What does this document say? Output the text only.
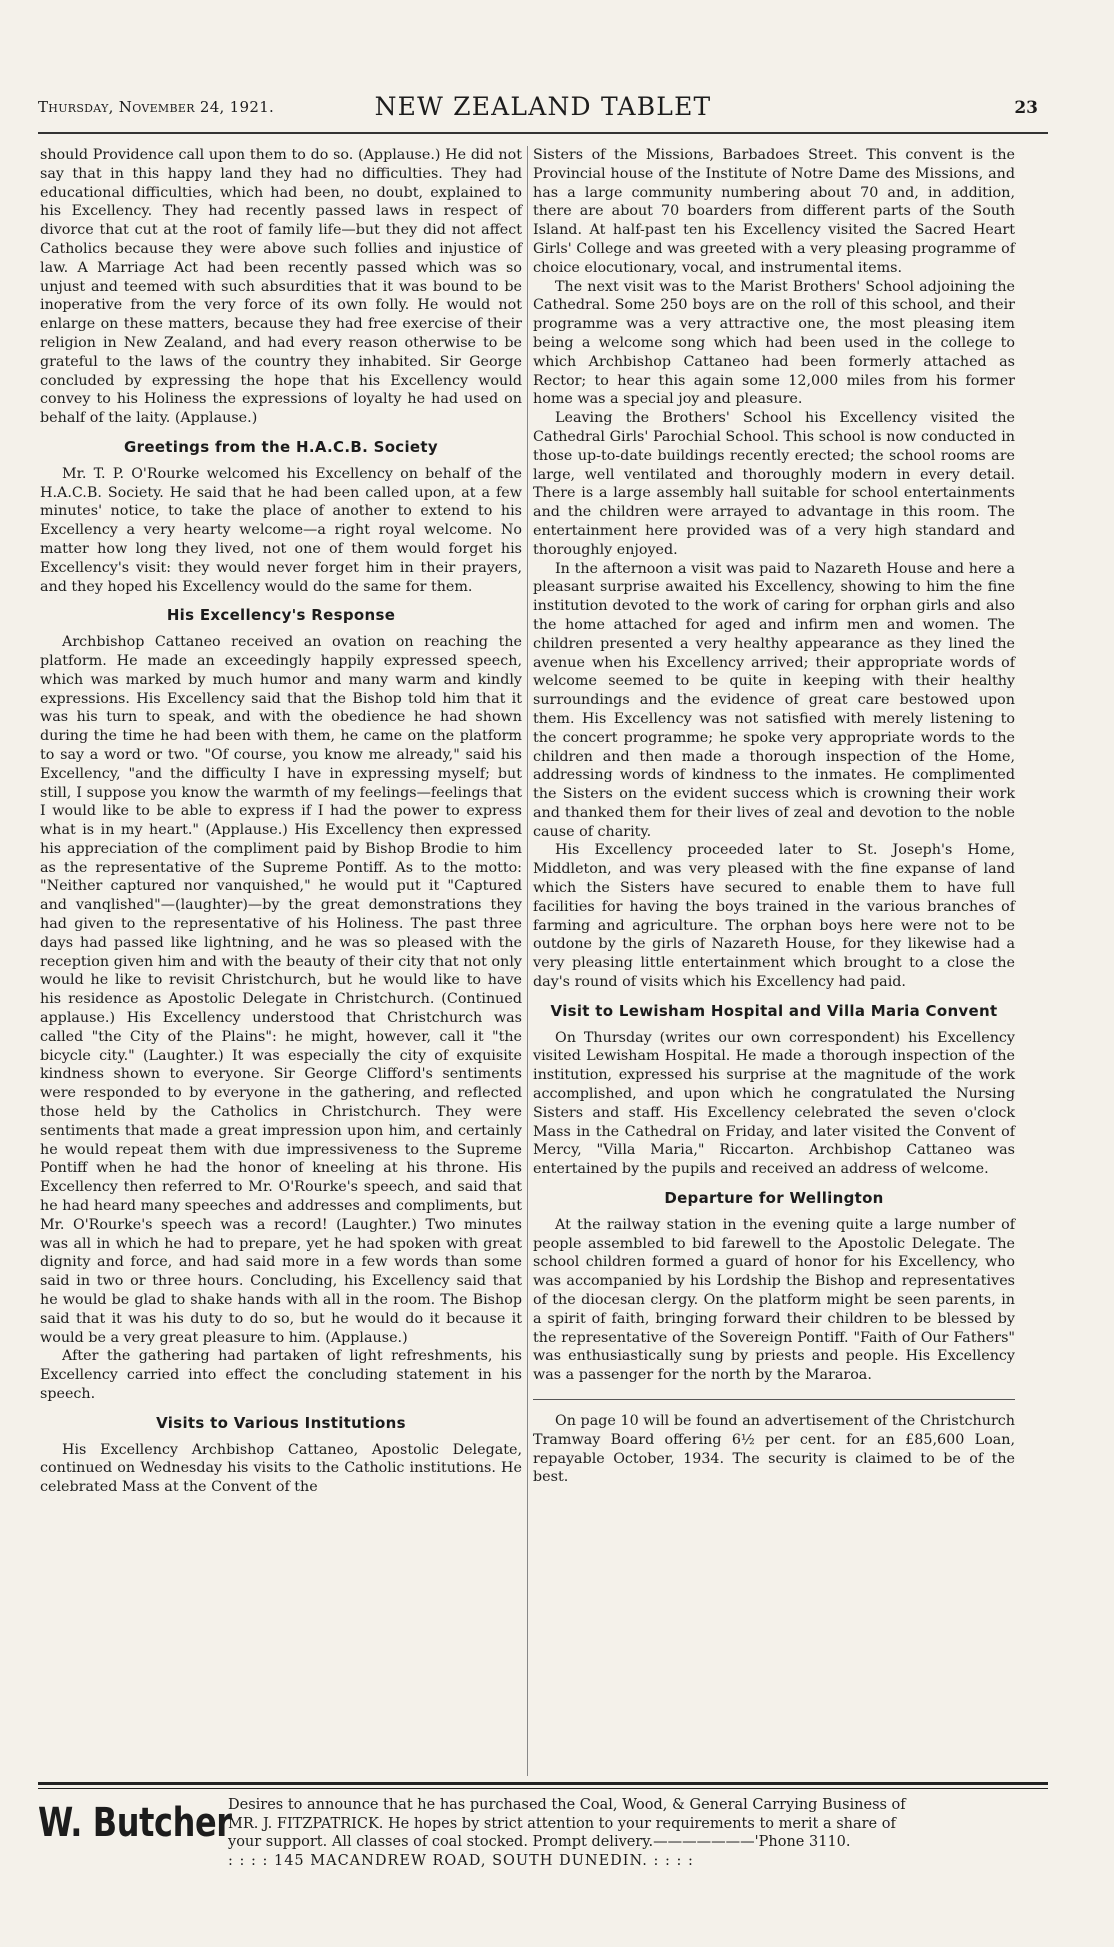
Thursday, November 24, 1921.	NEW ZEALAND TABLET	23

should Providence call upon them to do so. (Applause.) He did not say that in this happy land they had no difficulties. They had educational difficulties, which had been, no doubt, explained to his Excellency. They had recently passed laws in respect of divorce that cut at the root of family life—but they did not affect Catholics because they were above such follies and injustice of law. A Marriage Act had been recently passed which was so unjust and teemed with such absurdities that it was bound to be inoperative from the very force of its own folly. He would not enlarge on these matters, because they had free exercise of their religion in New Zealand, and had every reason otherwise to be grateful to the laws of the country they inhabited. Sir George concluded by expressing the hope that his Excellency would convey to his Holiness the expressions of loyalty he had used on behalf of the laity. (Applause.)

Greetings from the H.A.C.B. Society

Mr. T. P. O'Rourke welcomed his Excellency on behalf of the H.A.C.B. Society. He said that he had been called upon, at a few minutes' notice, to take the place of another to extend to his Excellency a very hearty welcome—a right royal welcome. No matter how long they lived, not one of them would forget his Excellency's visit: they would never forget him in their prayers, and they hoped his Excellency would do the same for them.

His Excellency's Response

Archbishop Cattaneo received an ovation on reaching the platform. He made an exceedingly happily expressed speech, which was marked by much humor and many warm and kindly expressions. His Excellency said that the Bishop told him that it was his turn to speak, and with the obedience he had shown during the time he had been with them, he came on the platform to say a word or two. "Of course, you know me already," said his Excellency, "and the difficulty I have in expressing myself; but still, I suppose you know the warmth of my feelings—feelings that I would like to be able to express if I had the power to express what is in my heart." (Applause.) His Excellency then expressed his appreciation of the compliment paid by Bishop Brodie to him as the representative of the Supreme Pontiff. As to the motto: "Neither captured nor vanquished," he would put it "Captured and vanqlished"—(laughter)—by the great demonstrations they had given to the representative of his Holiness. The past three days had passed like lightning, and he was so pleased with the reception given him and with the beauty of their city that not only would he like to revisit Christchurch, but he would like to have his residence as Apostolic Delegate in Christchurch. (Continued applause.) His Excellency understood that Christchurch was called "the City of the Plains": he might, however, call it "the bicycle city." (Laughter.) It was especially the city of exquisite kindness shown to everyone. Sir George Clifford's sentiments were responded to by everyone in the gathering, and reflected those held by the Catholics in Christchurch. They were sentiments that made a great impression upon him, and certainly he would repeat them with due impressiveness to the Supreme Pontiff when he had the honor of kneeling at his throne. His Excellency then referred to Mr. O'Rourke's speech, and said that he had heard many speeches and addresses and compliments, but Mr. O'Rourke's speech was a record! (Laughter.) Two minutes was all in which he had to prepare, yet he had spoken with great dignity and force, and had said more in a few words than some said in two or three hours. Concluding, his Excellency said that he would be glad to shake hands with all in the room. The Bishop said that it was his duty to do so, but he would do it because it would be a very great pleasure to him. (Applause.)

After the gathering had partaken of light refreshments, his Excellency carried into effect the concluding statement in his speech.

Visits to Various Institutions

His Excellency Archbishop Cattaneo, Apostolic Delegate, continued on Wednesday his visits to the Catholic institutions. He celebrated Mass at the Convent of the

Sisters of the Missions, Barbadoes Street. This convent is the Provincial house of the Institute of Notre Dame des Missions, and has a large community numbering about 70 and, in addition, there are about 70 boarders from different parts of the South Island. At half-past ten his Excellency visited the Sacred Heart Girls' College and was greeted with a very pleasing programme of choice elocutionary, vocal, and instrumental items.

The next visit was to the Marist Brothers' School adjoining the Cathedral. Some 250 boys are on the roll of this school, and their programme was a very attractive one, the most pleasing item being a welcome song which had been used in the college to which Archbishop Cattaneo had been formerly attached as Rector; to hear this again some 12,000 miles from his former home was a special joy and pleasure.

Leaving the Brothers' School his Excellency visited the Cathedral Girls' Parochial School. This school is now conducted in those up-to-date buildings recently erected; the school rooms are large, well ventilated and thoroughly modern in every detail. There is a large assembly hall suitable for school entertainments and the children were arrayed to advantage in this room. The entertainment here provided was of a very high standard and thoroughly enjoyed.

In the afternoon a visit was paid to Nazareth House and here a pleasant surprise awaited his Excellency, showing to him the fine institution devoted to the work of caring for orphan girls and also the home attached for aged and infirm men and women. The children presented a very healthy appearance as they lined the avenue when his Excellency arrived; their appropriate words of welcome seemed to be quite in keeping with their healthy surroundings and the evidence of great care bestowed upon them. His Excellency was not satisfied with merely listening to the concert programme; he spoke very appropriate words to the children and then made a thorough inspection of the Home, addressing words of kindness to the inmates. He complimented the Sisters on the evident success which is crowning their work and thanked them for their lives of zeal and devotion to the noble cause of charity.

His Excellency proceeded later to St. Joseph's Home, Middleton, and was very pleased with the fine expanse of land which the Sisters have secured to enable them to have full facilities for having the boys trained in the various branches of farming and agriculture. The orphan boys here were not to be outdone by the girls of Nazareth House, for they likewise had a very pleasing little entertainment which brought to a close the day's round of visits which his Excellency had paid.

Visit to Lewisham Hospital and Villa Maria Convent

On Thursday (writes our own correspondent) his Excellency visited Lewisham Hospital. He made a thorough inspection of the institution, expressed his surprise at the magnitude of the work accomplished, and upon which he congratulated the Nursing Sisters and staff. His Excellency celebrated the seven o'clock Mass in the Cathedral on Friday, and later visited the Convent of Mercy, "Villa Maria," Riccarton. Archbishop Cattaneo was entertained by the pupils and received an address of welcome.

Departure for Wellington

At the railway station in the evening quite a large number of people assembled to bid farewell to the Apostolic Delegate. The school children formed a guard of honor for his Excellency, who was accompanied by his Lordship the Bishop and representatives of the diocesan clergy. On the platform might be seen parents, in a spirit of faith, bringing forward their children to be blessed by the representative of the Sovereign Pontiff. "Faith of Our Fathers" was enthusiastically sung by priests and people. His Excellency was a passenger for the north by the Mararoa.

On page 10 will be found an advertisement of the Christchurch Tramway Board offering 6½ per cent. for an £85,600 Loan, repayable October, 1934. The security is claimed to be of the best.

W. Butcher
Desires to announce that he has purchased the Coal, Wood, & General Carrying Business of
MR. J. FITZPATRICK. He hopes by strict attention to your requirements to merit a share of
your support. All classes of coal stocked. Prompt delivery.———————'Phone 3110.
: : : : 145 MACANDREW ROAD, SOUTH DUNEDIN. : : : :
